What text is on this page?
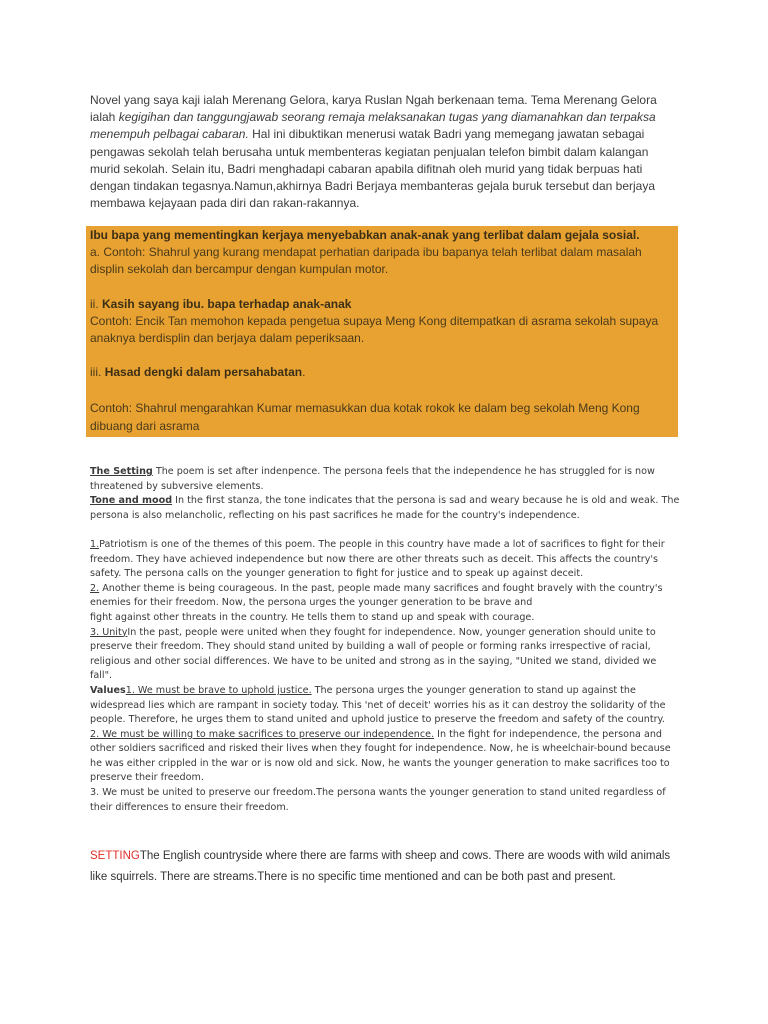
Novel yang saya kaji ialah Merenang Gelora, karya Ruslan Ngah berkenaan tema. Tema Merenang Gelora ialah kegigihan dan tanggungjawab seorang remaja melaksanakan tugas yang diamanahkan dan terpaksa menempuh pelbagai cabaran. Hal ini dibuktikan menerusi watak Badri yang memegang jawatan sebagai pengawas sekolah telah berusaha untuk membenteras kegiatan penjualan telefon bimbit dalam kalangan murid sekolah. Selain itu, Badri menghadapi cabaran apabila difitnah oleh murid yang tidak berpuas hati dengan tindakan tegasnya.Namun,akhirnya Badri Berjaya membanteras gejala buruk tersebut dan berjaya membawa kejayaan pada diri dan rakan-rakannya.
Ibu bapa yang mementingkan kerjaya menyebabkan anak-anak yang terlibat dalam gejala sosial.
a. Contoh: Shahrul yang kurang mendapat perhatian daripada ibu bapanya telah terlibat dalam masalah displin sekolah dan bercampur dengan kumpulan motor.
ii. Kasih sayang ibu. bapa terhadap anak-anak
Contoh: Encik Tan memohon kepada pengetua supaya Meng Kong ditempatkan di asrama sekolah supaya anaknya berdisplin dan berjaya dalam peperiksaan.
iii. Hasad dengki dalam persahabatan.
Contoh: Shahrul mengarahkan Kumar memasukkan dua kotak rokok ke dalam beg sekolah Meng Kong dibuang dari asrama

The Setting The poem is set after indenpence. The persona feels that the independence he has struggled for is now threatened by subversive elements.

Tone and mood In the first stanza, the tone indicates that the persona is sad and weary because he is old and weak. The persona is also melancholic, reflecting on his past sacrifices he made for the country's independence.

1.Patriotism is one of the themes of this poem. The people in this country have made a lot of sacrifices to fight for their freedom. They have achieved independence but now there are other threats such as deceit. This affects the country's safety. The persona calls on the younger generation to fight for justice and to speak up against deceit.

2. Another theme is being courageous. In the past, people made many sacrifices and fought bravely with the country's enemies for their freedom. Now, the persona urges the younger generation to be brave and

fight against other threats in the country. He tells them to stand up and speak with courage.

3. UnityIn the past, people were united when they fought for independence. Now, younger generation should unite to preserve their freedom. They should stand united by building a wall of people or forming ranks irrespective of racial, religious and other social differences. We have to be united and strong as in the saying, "United we stand, divided we fall".

Values1. We must be brave to uphold justice. The persona urges the younger generation to stand up against the widespread lies which are rampant in society today. This 'net of deceit' worries his as it can destroy the solidarity of the people. Therefore, he urges them to stand united and uphold justice to preserve the freedom and safety of the country.

2. We must be willing to make sacrifices to preserve our independence. In the fight for independence, the persona and other soldiers sacrificed and risked their lives when they fought for independence. Now, he is wheelchair-bound because he was either crippled in the war or is now old and sick. Now, he wants the younger generation to make sacrifices too to preserve their freedom.

3. We must be united to preserve our freedom.The persona wants the younger generation to stand united regardless of their differences to ensure their freedom.

SETTINGThe English countryside where there are farms with sheep and cows. There are woods with wild animals like squirrels. There are streams.There is no specific time mentioned and can be both past and present.
